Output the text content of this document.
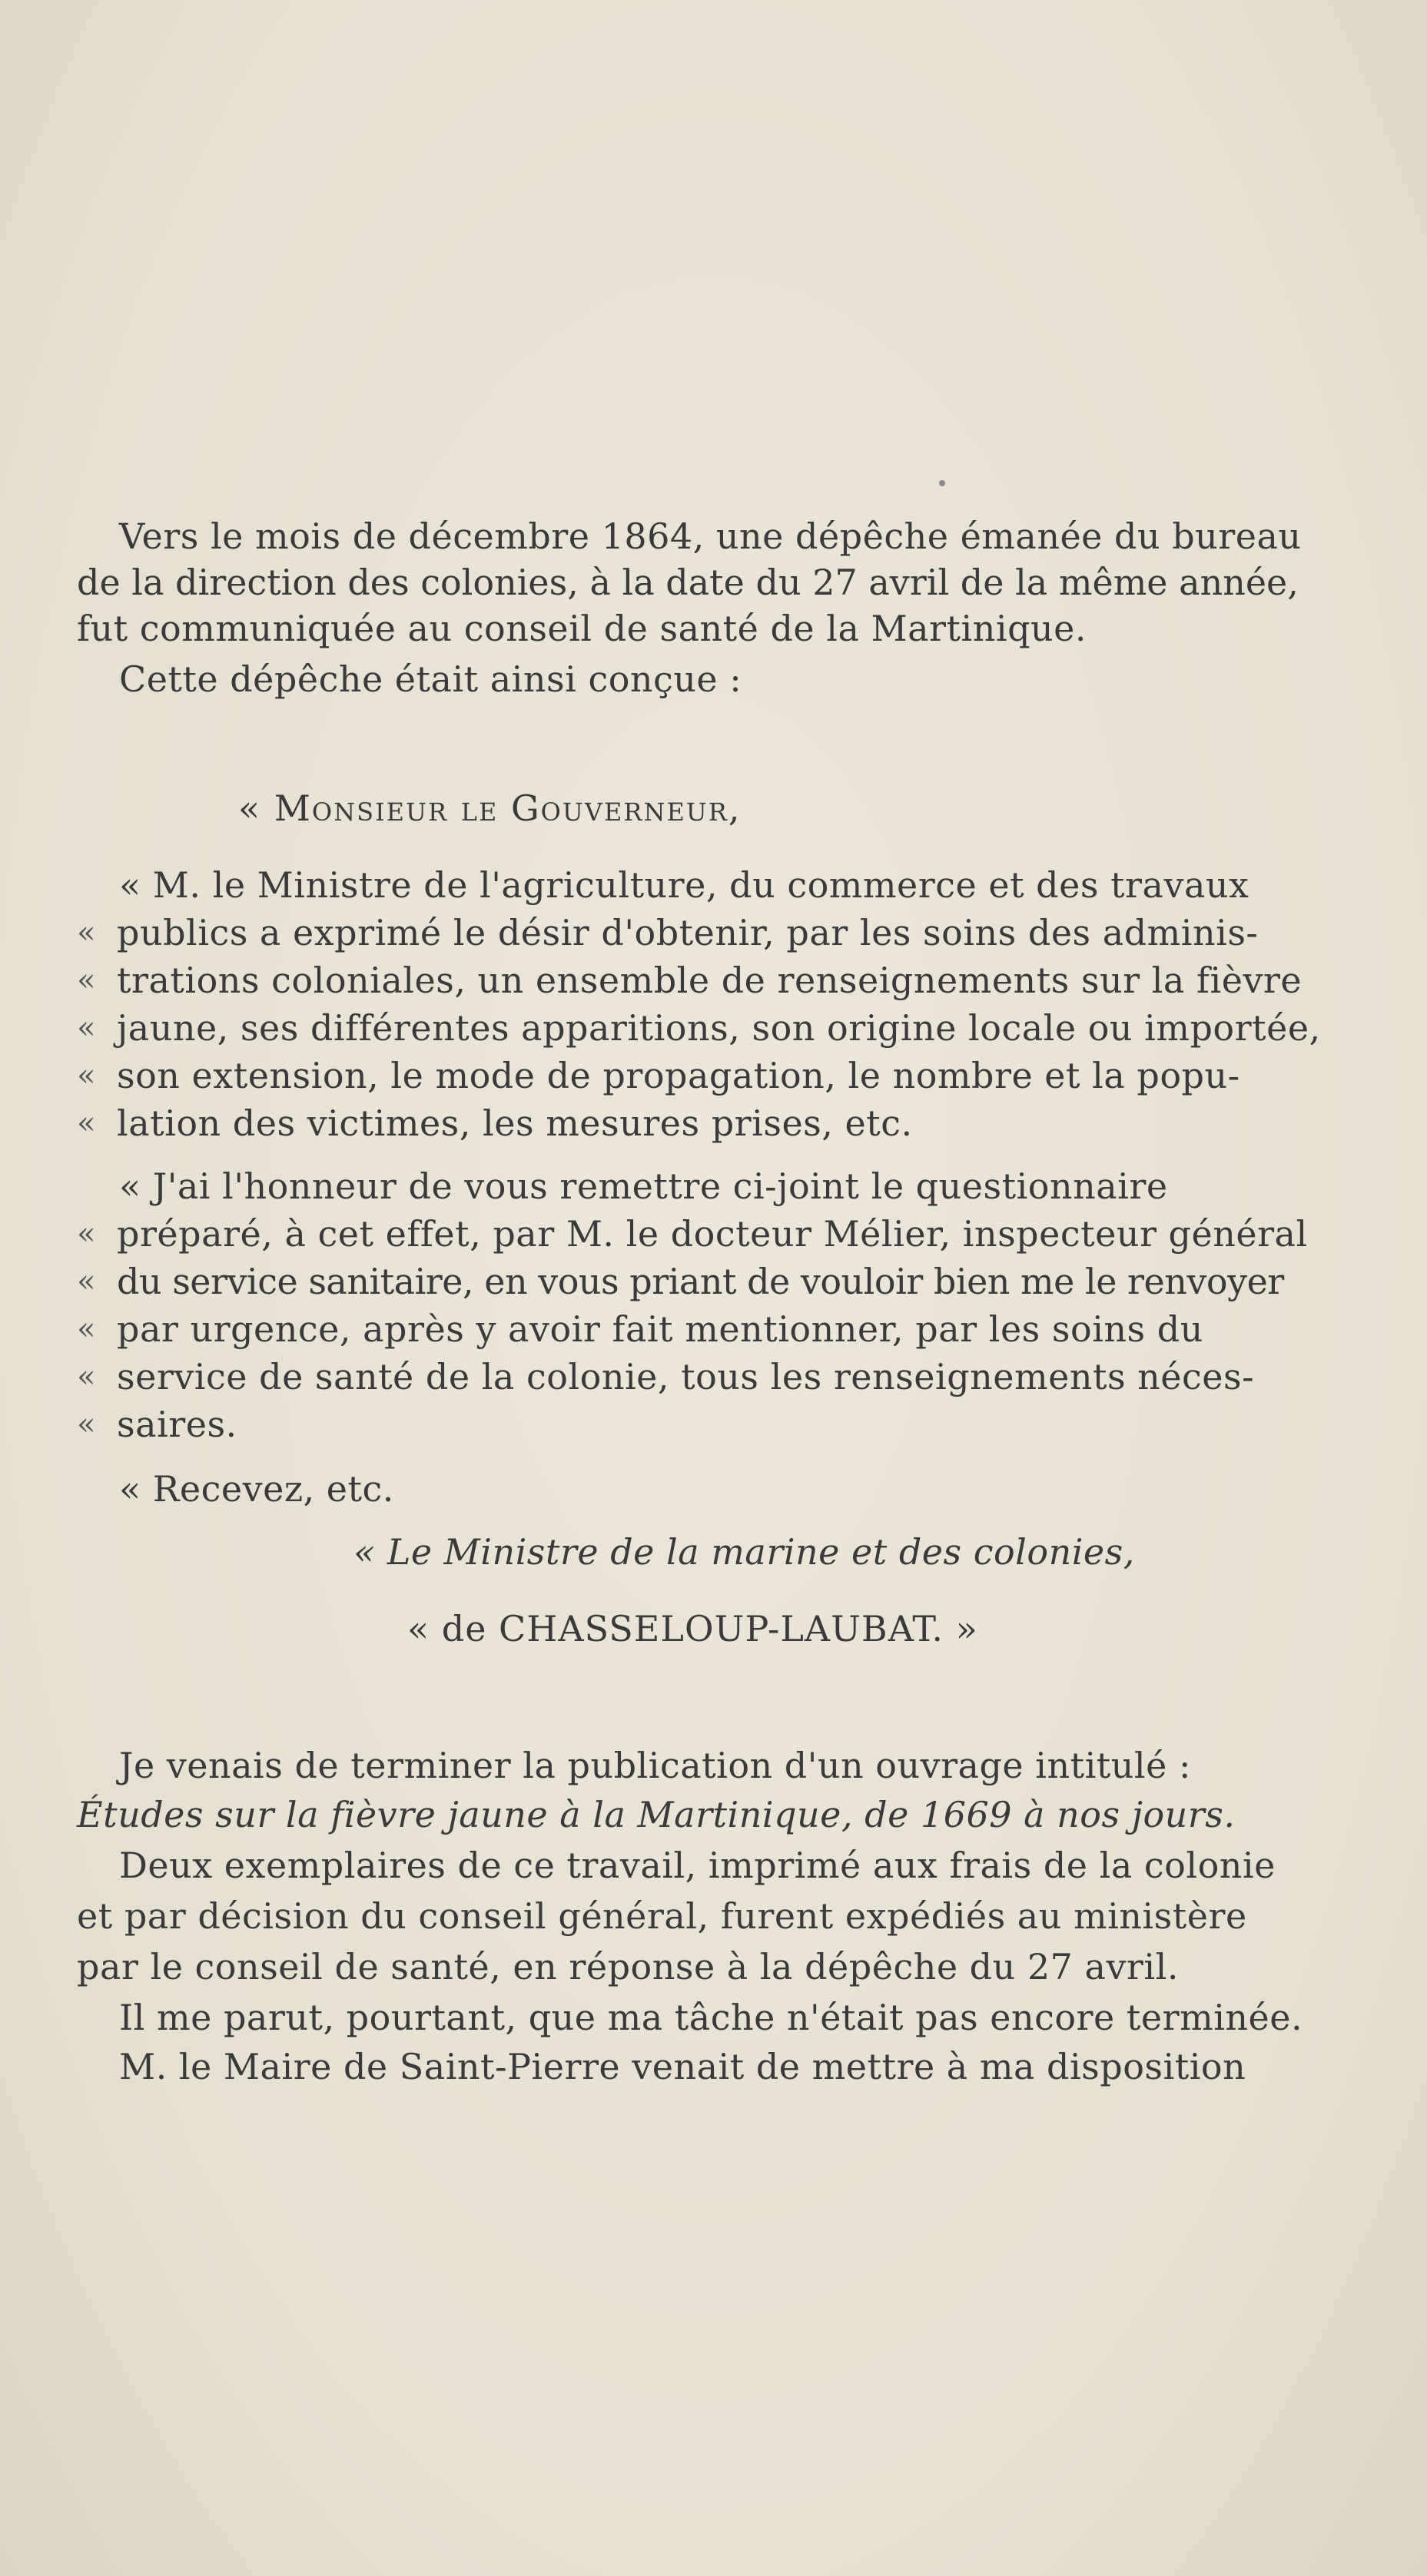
Vers le mois de décembre 1864, une dépêche émanée du bureau
de la direction des colonies, à la date du 27 avril de la même année,
fut communiquée au conseil de santé de la Martinique.
Cette dépêche était ainsi conçue :
« Monsieur le Gouverneur,
« M. le Ministre de l'agriculture, du commerce et des travaux
« publics a exprimé le désir d'obtenir, par les soins des adminis-
« trations coloniales, un ensemble de renseignements sur la fièvre
« jaune, ses différentes apparitions, son origine locale ou importée,
« son extension, le mode de propagation, le nombre et la popu-
« lation des victimes, les mesures prises, etc.
« J'ai l'honneur de vous remettre ci-joint le questionnaire
« préparé, à cet effet, par M. le docteur Mélier, inspecteur général
« du service sanitaire, en vous priant de vouloir bien me le renvoyer
« par urgence, après y avoir fait mentionner, par les soins du
« service de santé de la colonie, tous les renseignements néces-
« saires.
« Recevez, etc.
« Le Ministre de la marine et des colonies,
« de CHASSELOUP-LAUBAT. »
Je venais de terminer la publication d'un ouvrage intitulé :
Études sur la fièvre jaune à la Martinique, de 1669 à nos jours.
Deux exemplaires de ce travail, imprimé aux frais de la colonie
et par décision du conseil général, furent expédiés au ministère
par le conseil de santé, en réponse à la dépêche du 27 avril.
Il me parut, pourtant, que ma tâche n'était pas encore terminée.
M. le Maire de Saint-Pierre venait de mettre à ma disposition
